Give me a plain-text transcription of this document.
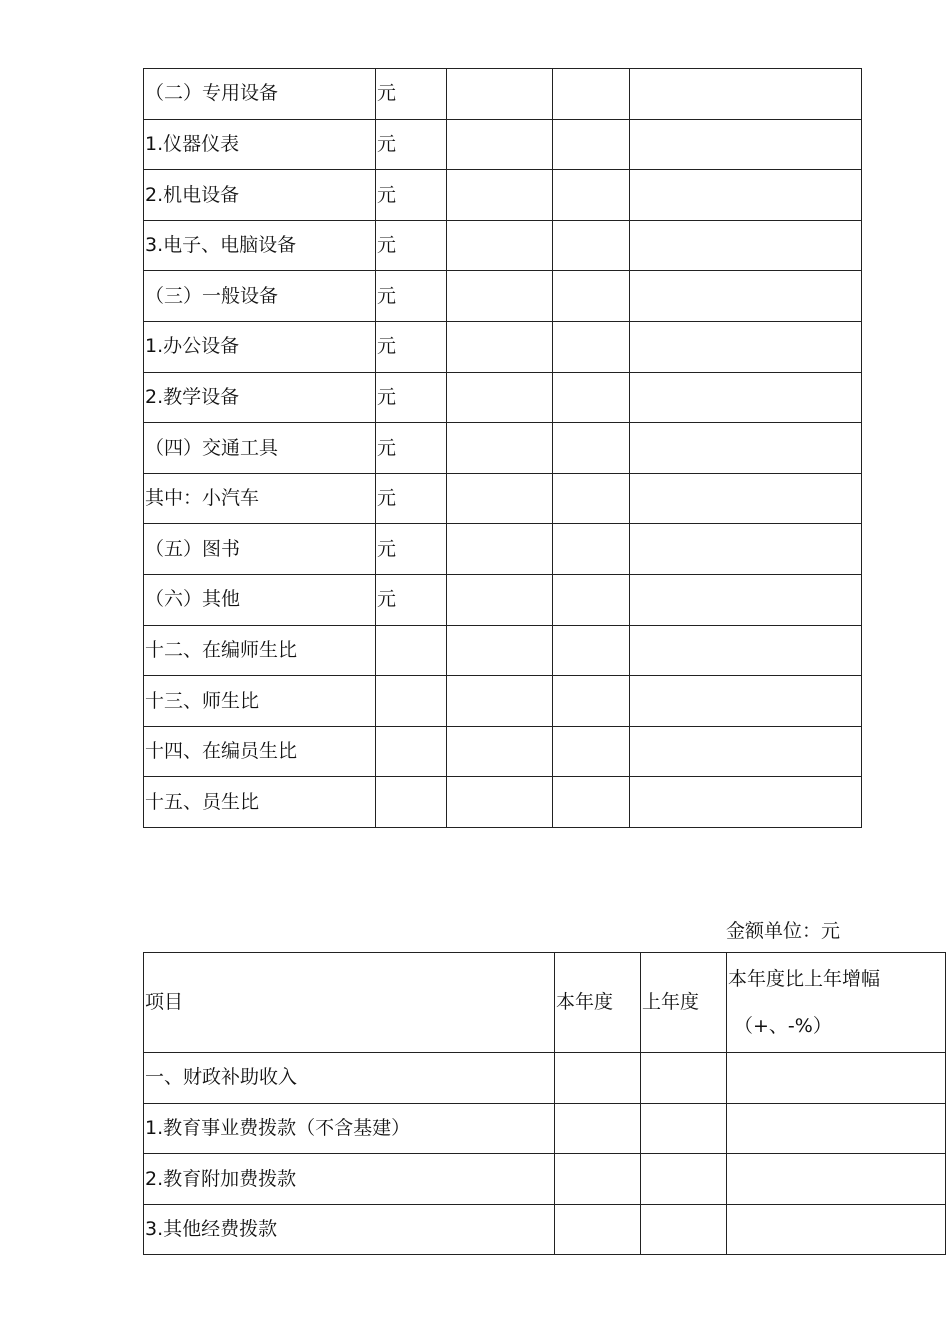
（二）专用设备	元			
1.仪器仪表	元			
2.机电设备	元			
3.电子、电脑设备	元			
（三）一般设备	元			
1.办公设备	元			
2.教学设备	元			
（四）交通工具	元			
其中：小汽车	元			
（五）图书	元			
（六）其他	元			
十二、在编师生比				
十三、师生比				
十四、在编员生比				
十五、员生比				
金额单位：元
项目	本年度	上年度	本年度比上年增幅
（+、-%）

一、财政补助收入			
1.教育事业费拨款（不含基建）			
2.教育附加费拨款			
3.其他经费拨款			
